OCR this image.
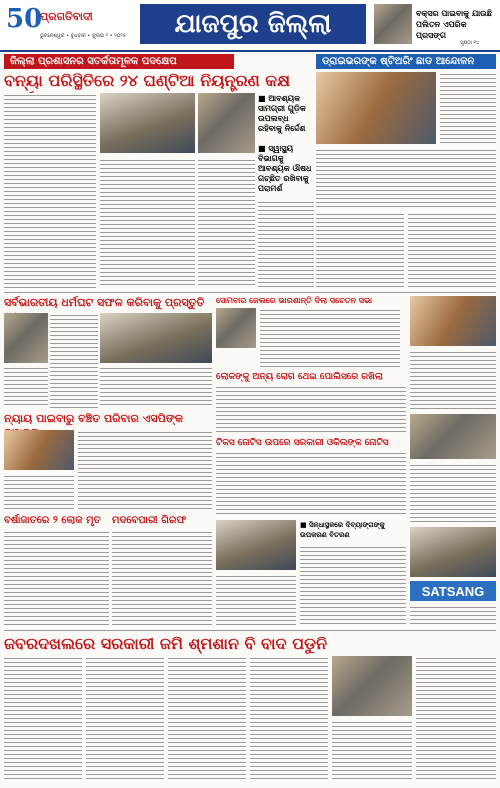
50
ପ୍ରଗତିବାଦୀ
ଭୁବନେଶ୍ୱର • ବୁଧବାର • ଜୁଲାଇ ୨ • ୨୦୨୫	ଯାଜପୁର ଜିଲ୍ଲା	ବକ୍ସର ପାଇବାକୁ ଯାଉଛି ପଲିତନ ଏପରିକ ପ୍ରସଙ୍ଗ
ପୃଷ୍ଠା ୧୪
ଜିଲ୍ଲା ପ୍ରଶାସନର ସତର୍କତାମୂଳକ ପଦକ୍ଷେପ
ବନ୍ୟା ପରିସ୍ଥିତିରେ ୨୪ ଘଣ୍ଟିଆ ନିୟନ୍ତ୍ରଣ କକ୍ଷ
■ ଆବଶ୍ୟକ ସାମଗ୍ରୀ ଗୁଡ଼ିକ ଉପଲବ୍ଧ ରହିବାକୁ ନିର୍ଦ୍ଦେଶ
■ ସ୍ୱାସ୍ଥ୍ୟ ବିଭାଗକୁ ଆବଶ୍ୟକ ଔଷଧ ଗଚ୍ଛିତ ରଖିବାକୁ ପରାମର୍ଶ
ଡ୍ରାଇଭରଙ୍କ ଷ୍ଟିଅରିଂ ଛାଡ ଆନ୍ଦୋଳନ
ସର୍ବଭାରତୀୟ ଧର୍ମଘଟ ସଫଳ କରିବାକୁ ପ୍ରସ୍ତୁତି
ନ୍ୟାୟ ପାଇବାରୁ ବଞ୍ଚିତ ପରିବାର ଏସପିଙ୍କ
ବର୍ଷାଜାତରେ ୨ ଲୋକ ମୃତ	ମଦବେପାରୀ ଗିରଫ
ସୋମବାର ଜେଲରେ ଭାରଶାନ୍ତି ଦିଲା ସଚେତନ ସଭା
ଲୋକଙ୍କୁ ଅନ୍ୟ ରୋଗ ଥେଇ ପୋଲିସରେ ରଖିଲା
ଟିକସ ନୋଟିସ ଉପରେ ସରକାରୀ ଓକିଲଙ୍କ ନୋଟିସ
■ ସିନ୍ଧାସ୍ଥଳରେ ଦିବ୍ୟାଙ୍ଗଙ୍କୁ ଉପକରଣ ବିତରଣ
SATSANG
ଜବରଦଖଲରେ ସରକାରୀ ଜମି ଶ୍ମଶାନ ବି ବାଦ ପଡୁନି
